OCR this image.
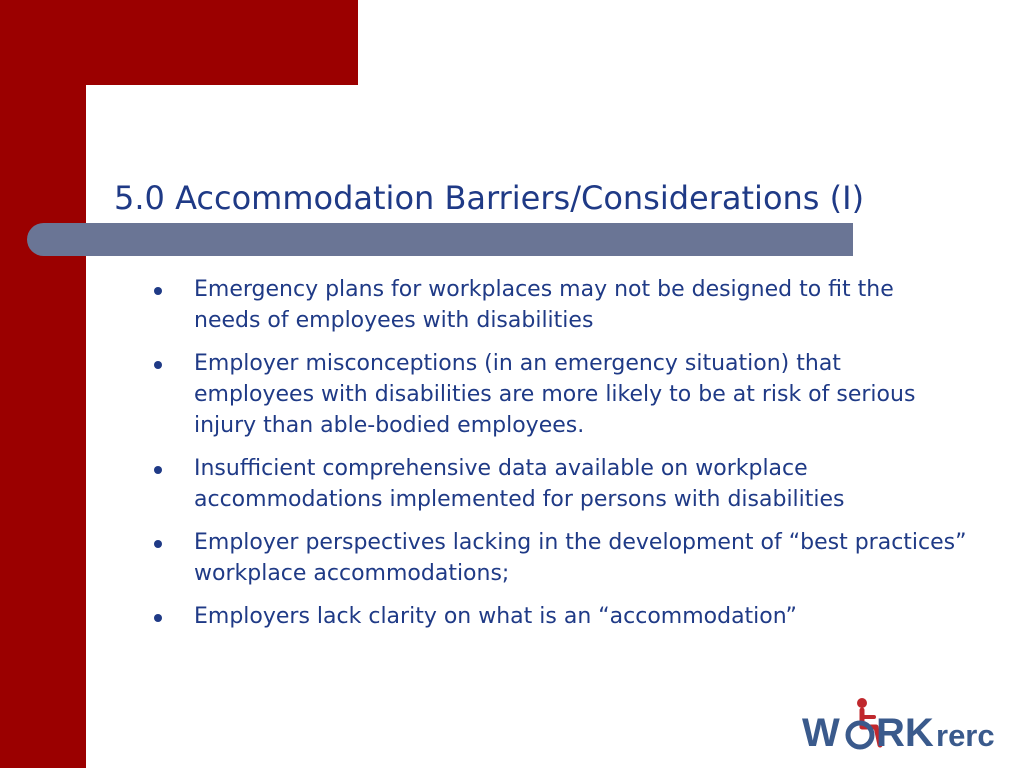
5.0 Accommodation Barriers/Considerations (I)
Emergency plans for workplaces may not be designed to fit the needs of employees with disabilities
Employer misconceptions (in an emergency situation) that employees with disabilities are more likely to be at risk of serious injury than able-bodied employees.
Insufficient comprehensive data available on workplace accommodations implemented for persons with disabilities
Employer perspectives lacking in the development of “best practices” workplace accommodations;
Employers lack clarity on what is an “accommodation”
W RK rerc
